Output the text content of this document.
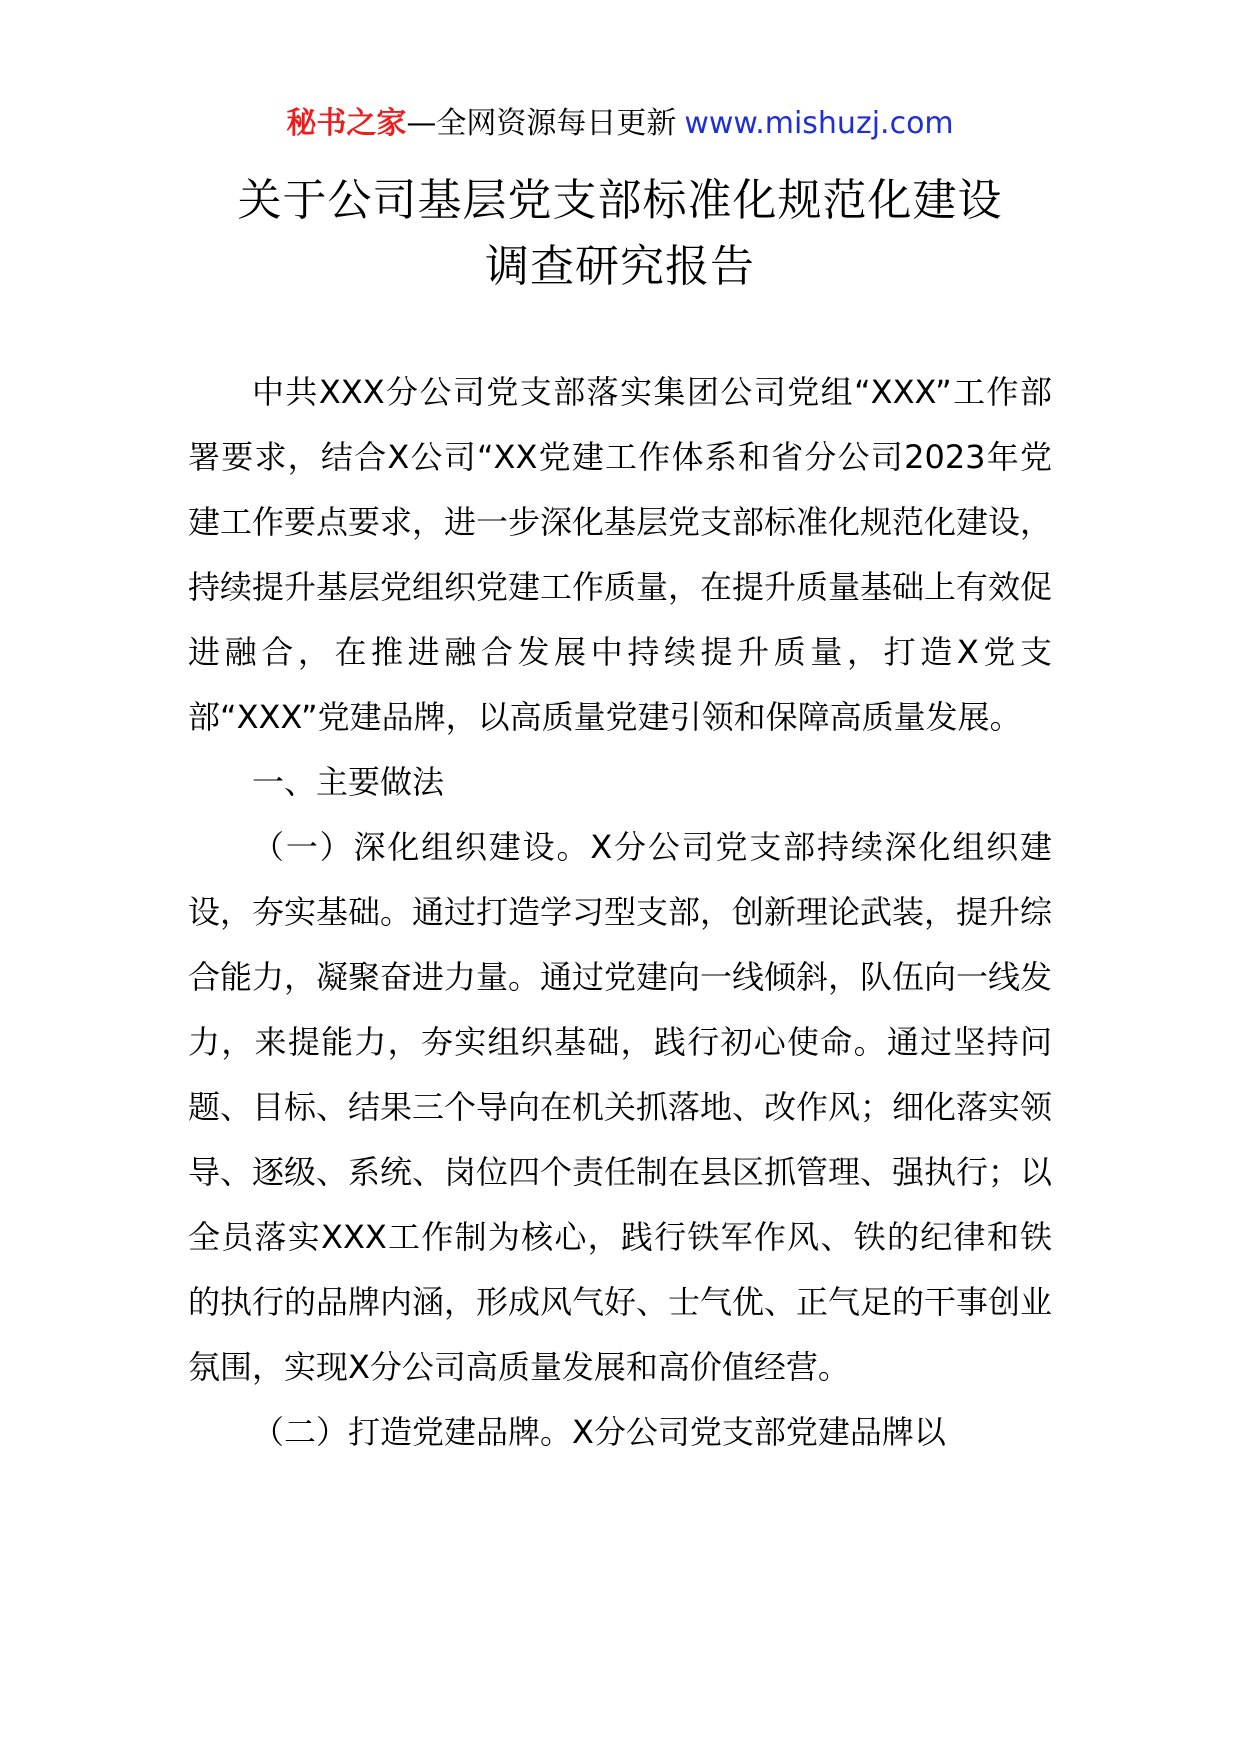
秘书之家—全网资源每日更新 www.mishuzj.com
关于公司基层党支部标准化规范化建设
调查研究报告

中共XXX分公司党支部落实集团公司党组“XXX”工作部署要求，结合X公司“XX党建工作体系和省分公司2023年党建工作要点要求，进一步深化基层党支部标准化规范化建设，持续提升基层党组织党建工作质量，在提升质量基础上有效促进融合，在推进融合发展中持续提升质量，打造X党支部“XXX”党建品牌，以高质量党建引领和保障高质量发展。

一、主要做法

（一）深化组织建设。X分公司党支部持续深化组织建设，夯实基础。通过打造学习型支部，创新理论武装，提升综合能力，凝聚奋进力量。通过党建向一线倾斜，队伍向一线发力，来提能力，夯实组织基础，践行初心使命。通过坚持问题、目标、结果三个导向在机关抓落地、改作风；细化落实领导、逐级、系统、岗位四个责任制在县区抓管理、强执行；以全员落实XXX工作制为核心，践行铁军作风、铁的纪律和铁的执行的品牌内涵，形成风气好、士气优、正气足的干事创业氛围，实现X分公司高质量发展和高价值经营。

（二）打造党建品牌。X分公司党支部党建品牌以
